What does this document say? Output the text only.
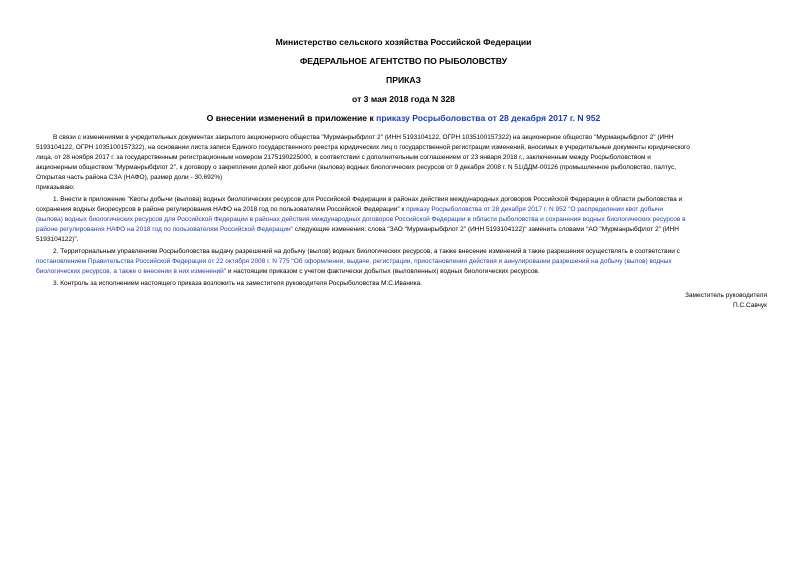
Министерство сельского хозяйства Российской Федерации
ФЕДЕРАЛЬНОЕ АГЕНТСТВО ПО РЫБОЛОВСТВУ
ПРИКАЗ
от 3 мая 2018 года N 328
О внесении изменений в приложение к приказу Росрыболовства от 28 декабря 2017 г. N 952
В связи с изменениями в учредительных документах закрытого акционерного общества "Мурманрыбфлот 2" (ИНН 5193104122, ОГРН 1035100157322) на акционерное общество "Мурманрыбфлот 2" (ИНН
5193104122, ОГРН 1035100157322), на основании листа записи Единого государственного реестра юридических лиц о государственной регистрации изменений, вносимых в учредительные документы юридического
лица, от 28 ноября 2017 г. за государственным регистрационным номером 2175190225000, в соответствии с дополнительным соглашением от 23 января 2018 г., заключенным между Росрыболовством и
акционерным обществом "Мурманрыбфлот 2", к договору о закреплении долей квот добычи (вылова) водных биологических ресурсов от 9 декабря 2008 г. N 51/ДДМ-00126 (промышленное рыболовство, палтус,
Открытая часть района СЗА (НАФО), размер доли - 30,692%)
приказываю:
1. Внести в приложение "Квоты добычи (вылова) водных биологических ресурсов для Российской Федерации в районах действия международных договоров Российской Федерации в области рыболовства и
сохранения водных биоресурсов в районе регулирования НАФО на 2018 год по пользователям Российской Федерации" к приказу Росрыболовства от 28 декабря 2017 г. N 952 "О распределении квот добычи
(вылова) водных биологических ресурсов для Российской Федерации в районах действия международных договоров Российской Федерации в области рыболовства и сохранения водных биологических ресурсов в
районе регулирования НАФО на 2018 год по пользователям Российской Федерации" следующие изменения: слова "ЗАО "Мурманрыбфлот 2" (ИНН 5193104122)" заменить словами "АО "Мурманрыбфлот 2" (ИНН
5193104122)".
2. Территориальным управлениям Росрыболовства выдачу разрешений на добычу (вылов) водных биологических ресурсов, а также внесение изменений в такие разрешения осуществлять в соответствии с
постановлением Правительства Российской Федерации от 22 октября 2008 г. N 775 "Об оформлении, выдаче, регистрации, приостановлении действия и аннулировании разрешений на добычу (вылов) водных
биологических ресурсов, а также о внесении в них изменений" и настоящим приказом с учетом фактически добытых (выловленных) водных биологических ресурсов.
3. Контроль за исполнением настоящего приказа возложить на заместителя руководителя Росрыболовства М.С.Иваника.
Заместитель руководителя
П.С.Савчук
